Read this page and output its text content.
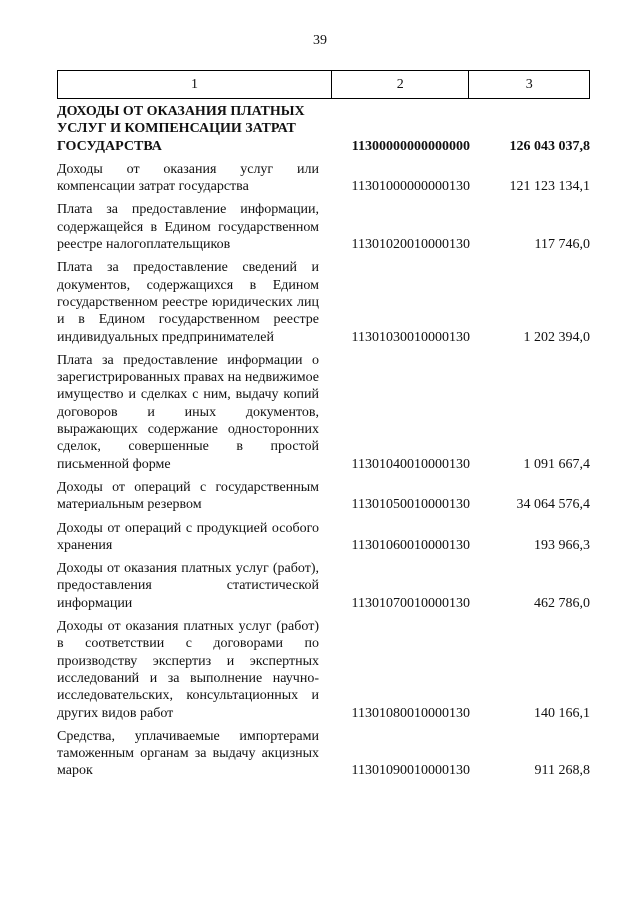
39
1	2	3
ДОХОДЫ ОТ ОКАЗАНИЯ ПЛАТНЫХ УСЛУГ И КОМПЕНСАЦИИ ЗАТРАТ ГОСУДАРСТВА	11300000000000000	126 043 037,8
Доходы от оказания услуг или компенсации затрат государства	11301000000000130	121 123 134,1
Плата за предоставление информации, содержащейся в Едином государственном реестре налогоплательщиков	11301020010000130	117 746,0
Плата за предоставление сведений и документов, содержащихся в Едином государственном реестре юридических лиц и в Едином государственном реестре индивидуальных предпринимателей	11301030010000130	1 202 394,0
Плата за предоставление информации о зарегистрированных правах на недвижимое имущество и сделках с ним, выдачу копий договоров и иных документов, выражающих содержание односторонних сделок, совершенные в простой письменной форме	11301040010000130	1 091 667,4
Доходы от операций с государственным материальным резервом	11301050010000130	34 064 576,4
Доходы от операций с продукцией особого хранения	11301060010000130	193 966,3
Доходы от оказания платных услуг (работ), предоставления статистической информации	11301070010000130	462 786,0
Доходы от оказания платных услуг (работ) в соответствии с договорами по производству экспертиз и экспертных исследований и за выполнение научно-исследовательских, консультационных и других видов работ	11301080010000130	140 166,1
Средства, уплачиваемые импортерами таможенным органам за выдачу акцизных марок	11301090010000130	911 268,8
